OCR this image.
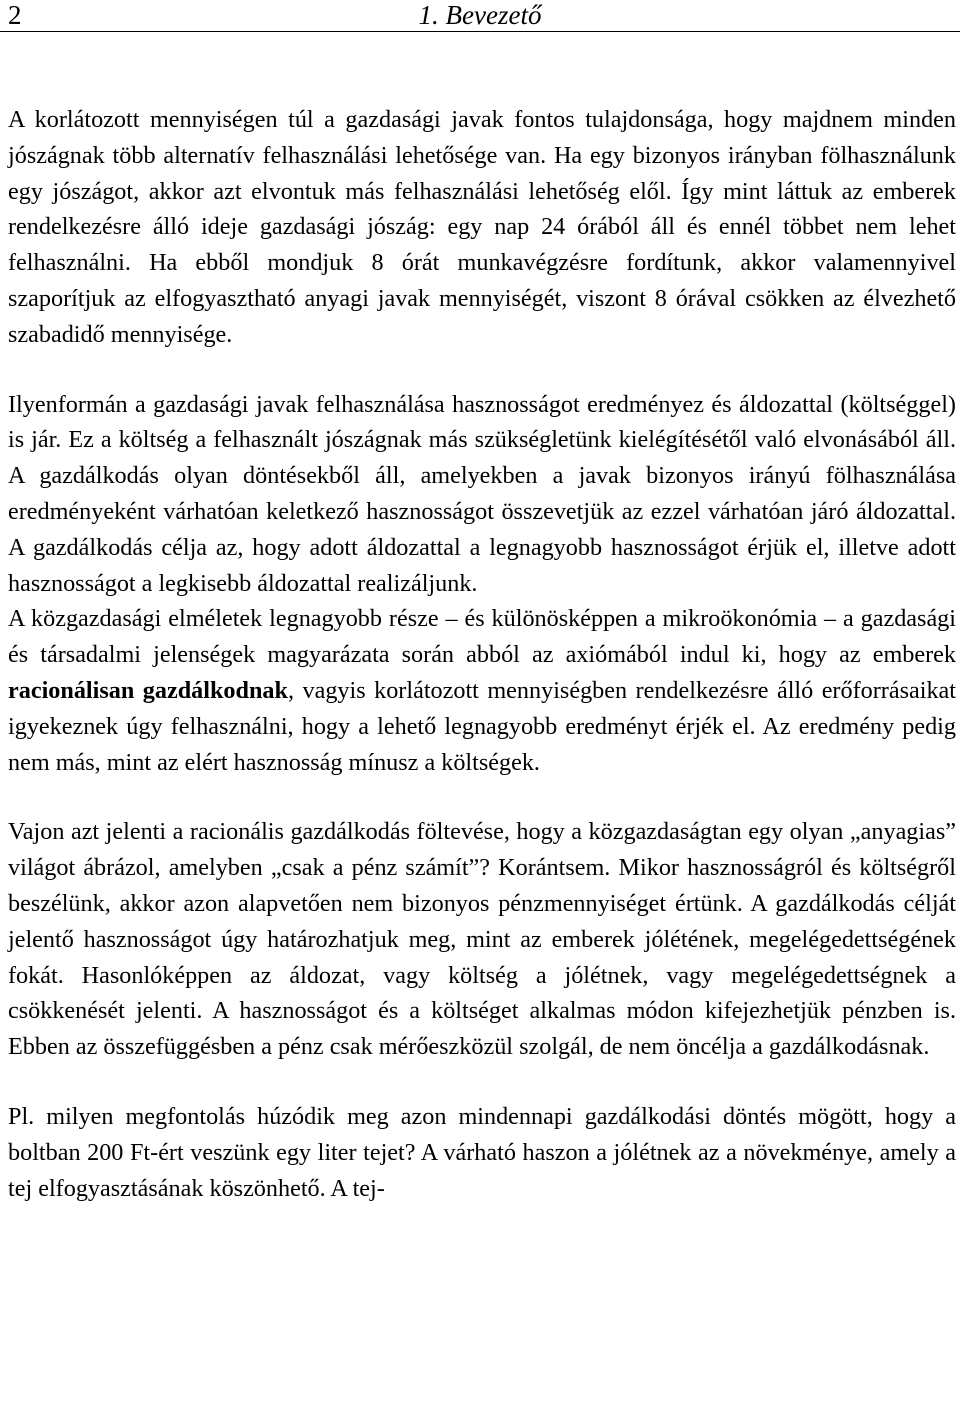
2	1. Bevezető

A korlátozott mennyiségen túl a gazdasági javak fontos tulajdonsága, hogy majdnem minden jószágnak több alternatív felhasználási lehetősége van. Ha egy bizonyos irányban fölhasználunk egy jószágot, akkor azt elvontuk más felhasználási lehetőség elől. Így mint láttuk az emberek rendelkezésre álló ideje gazdasági jószág: egy nap 24 órából áll és ennél többet nem lehet felhasználni. Ha ebből mondjuk 8 órát munkavégzésre fordítunk, akkor valamennyivel szaporítjuk az elfogyasztható anyagi javak mennyiségét, viszont 8 órával csökken az élvezhető szabadidő mennyisége.

Ilyenformán a gazdasági javak felhasználása hasznosságot eredményez és áldozattal (költséggel) is jár. Ez a költség a felhasznált jószágnak más szükségletünk kielégítésétől való elvonásából áll. A gazdálkodás olyan döntésekből áll, amelyekben a javak bizonyos irányú fölhasználása eredményeként várhatóan keletkező hasznosságot összevetjük az ezzel várhatóan járó áldozattal. A gazdálkodás célja az, hogy adott áldozattal a legnagyobb hasznosságot érjük el, illetve adott hasznosságot a legkisebb áldozattal realizáljunk.

A közgazdasági elméletek legnagyobb része – és különösképpen a mikroökonómia – a gazdasági és társadalmi jelenségek magyarázata során abból az axiómából indul ki, hogy az emberek racionálisan gazdálkodnak, vagyis korlátozott mennyiségben rendelkezésre álló erőforrásaikat igyekeznek úgy felhasználni, hogy a lehető legnagyobb eredményt érjék el. Az eredmény pedig nem más, mint az elért hasznosság mínusz a költségek.

Vajon azt jelenti a racionális gazdálkodás föltevése, hogy a közgazdaságtan egy olyan „anyagias” világot ábrázol, amelyben „csak a pénz számít”? Korántsem. Mikor hasznosságról és költségről beszélünk, akkor azon alapvetően nem bizonyos pénzmennyiséget értünk. A gazdálkodás célját jelentő hasznosságot úgy határozhatjuk meg, mint az emberek jólétének, megelégedettségének fokát. Hasonlóképpen az áldozat, vagy költség a jólétnek, vagy megelégedettségnek a csökkenését jelenti. A hasznosságot és a költséget alkalmas módon kifejezhetjük pénzben is. Ebben az összefüggésben a pénz csak mérőeszközül szolgál, de nem öncélja a gazdálkodásnak.

Pl. milyen megfontolás húzódik meg azon mindennapi gazdálkodási döntés mögött, hogy a boltban 200 Ft-ért veszünk egy liter tejet? A várható haszon a jólétnek az a növekménye, amely a tej elfogyasztásának köszönhető. A tej-
